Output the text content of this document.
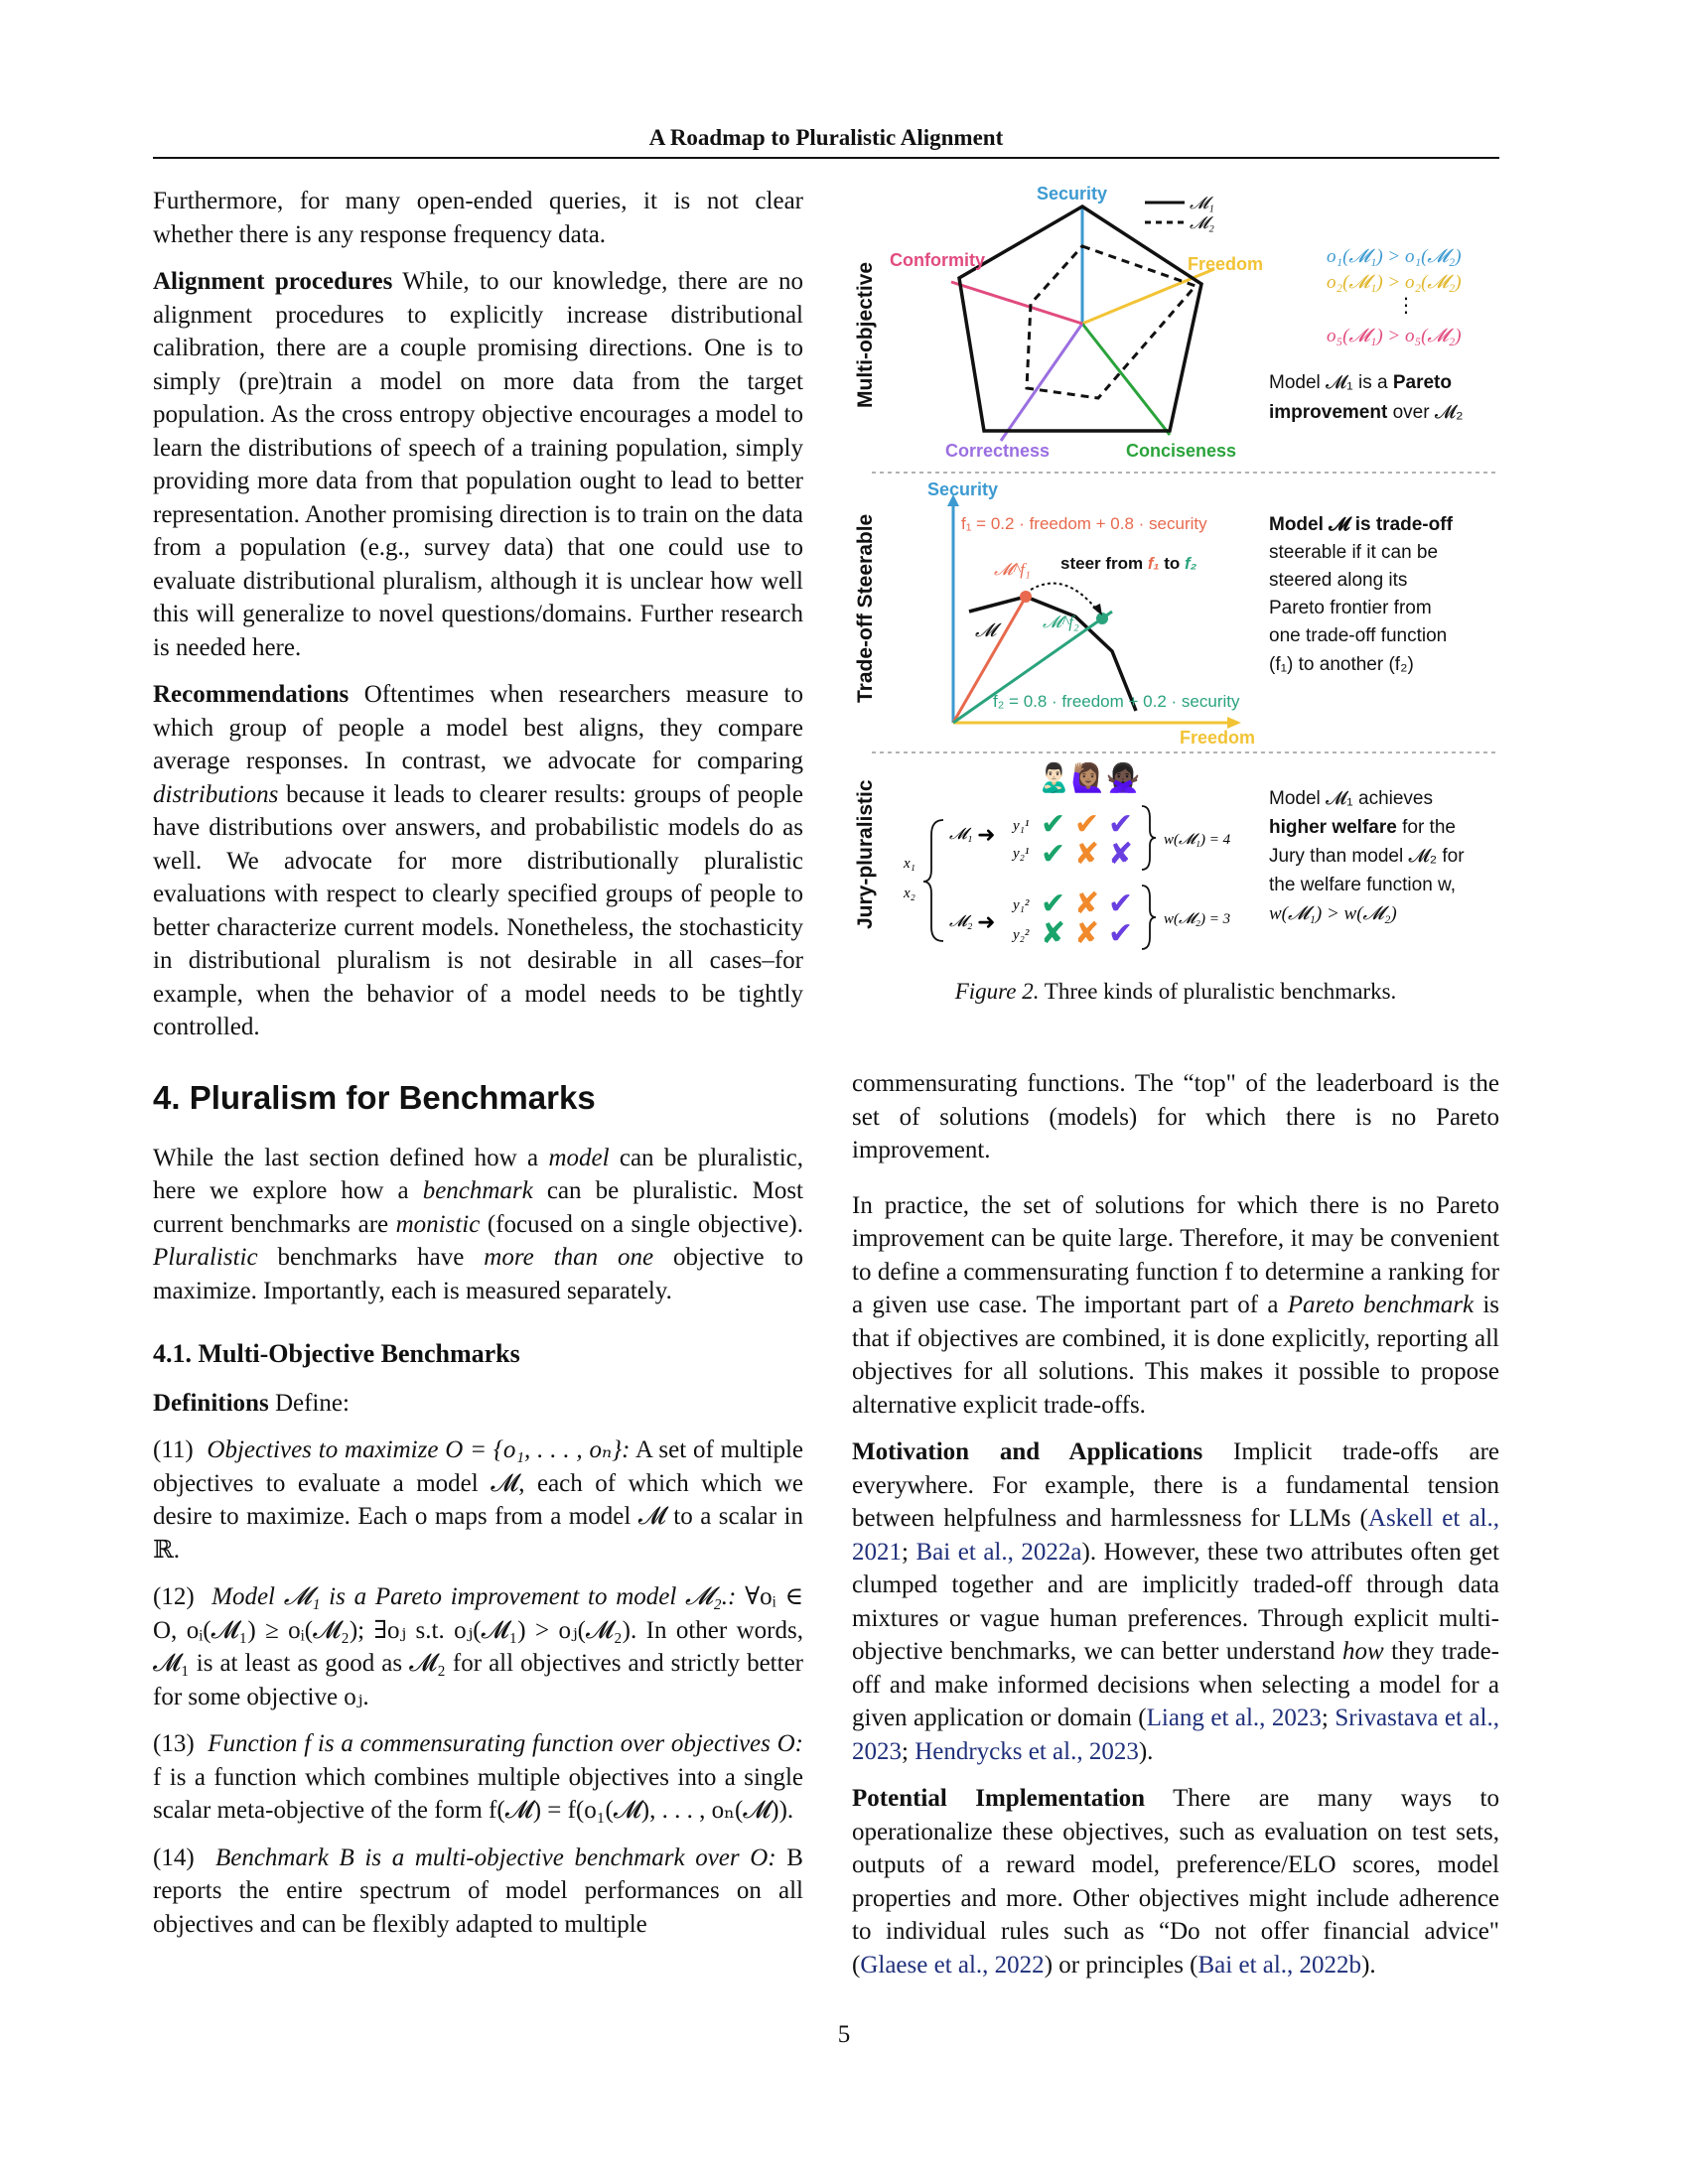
A Roadmap to Pluralistic Alignment

Furthermore, for many open-ended queries, it is not clear whether there is any response frequency data.

Alignment procedures While, to our knowledge, there are no alignment procedures to explicitly increase distributional calibration, there are a couple promising directions. One is to simply (pre)train a model on more data from the target population. As the cross entropy objective encourages a model to learn the distributions of speech of a training population, simply providing more data from that population ought to lead to better representation. Another promising direction is to train on the data from a population (e.g., survey data) that one could use to evaluate distributional pluralism, although it is unclear how well this will generalize to novel questions/domains. Further research is needed here.

Recommendations Oftentimes when researchers measure to which group of people a model best aligns, they compare average responses. In contrast, we advocate for comparing distributions because it leads to clearer results: groups of people have distributions over answers, and probabilistic models do as well. We advocate for more distributionally pluralistic evaluations with respect to clearly specified groups of people to better characterize current models. Nonetheless, the stochasticity in distributional pluralism is not desirable in all cases–for example, when the behavior of a model needs to be tightly controlled.

4. Pluralism for Benchmarks

While the last section defined how a model can be pluralistic, here we explore how a benchmark can be pluralistic. Most current benchmarks are monistic (focused on a single objective). Pluralistic benchmarks have more than one objective to maximize. Importantly, each is measured separately.

4.1. Multi-Objective Benchmarks

Definitions Define:

(11) Objectives to maximize O = {o₁, . . . , oₙ}: A set of multiple objectives to evaluate a model 𝓜, each of which which we desire to maximize. Each o maps from a model 𝓜 to a scalar in ℝ.

(12) Model 𝓜₁ is a Pareto improvement to model 𝓜₂.: ∀oᵢ ∈ O, oᵢ(𝓜₁) ≥ oᵢ(𝓜₂); ∃oⱼ s.t. oⱼ(𝓜₁) > oⱼ(𝓜₂). In other words, 𝓜₁ is at least as good as 𝓜₂ for all objectives and strictly better for some objective oⱼ.

(13) Function f is a commensurating function over objectives O: f is a function which combines multiple objectives into a single scalar meta-objective of the form f(𝓜) = f(o₁(𝓜), . . . , oₙ(𝓜)).

(14) Benchmark B is a multi-objective benchmark over O: B reports the entire spectrum of model performances on all objectives and can be flexibly adapted to multiple

Multi-objective
Security
Freedom
Conciseness
Correctness
Conformity
𝓜₁
𝓜₂
o₁(𝓜₁) > o₁(𝓜₂)
o₂(𝓜₁) > o₂(𝓜₂)
⋮
o₅(𝓜₁) > o₅(𝓜₂)
Model 𝓜₁ is a Pareto improvement over 𝓜₂
Trade-off Steerable
Security
Freedom
f₁ = 0.2 · freedom + 0.8 · security
f₂ = 0.8 · freedom + 0.2 · security
steer from f₁ to f₂
𝓜
𝓜^f₁
𝓜^f₂
Model 𝓜 is trade-off steerable if it can be steered along its Pareto frontier from one trade-off function (f₁) to another (f₂)
Jury-pluralistic
🙎🏻‍♂️🙋🏽‍♀️🙅🏿‍♀️
x₁
x₂
𝓜₁ ➜
𝓜₂ ➜
y₁¹
y₂¹
y₁²
y₂²
✔ ✔ ✔
✔ ✘ ✘
✔ ✘ ✔
✘ ✘ ✔
w(𝓜₁) = 4
w(𝓜₂) = 3
Model 𝓜₁ achieves higher welfare for the Jury than model 𝓜₂ for the welfare function w, w(𝓜₁) > w(𝓜₂)
Figure 2. Three kinds of pluralistic benchmarks.

commensurating functions. The “top" of the leaderboard is the set of solutions (models) for which there is no Pareto improvement.

In practice, the set of solutions for which there is no Pareto improvement can be quite large. Therefore, it may be convenient to define a commensurating function f to determine a ranking for a given use case. The important part of a Pareto benchmark is that if objectives are combined, it is done explicitly, reporting all objectives for all solutions. This makes it possible to propose alternative explicit trade-offs.

Motivation and Applications Implicit trade-offs are everywhere. For example, there is a fundamental tension between helpfulness and harmlessness for LLMs (Askell et al., 2021; Bai et al., 2022a). However, these two attributes often get clumped together and are implicitly traded-off through data mixtures or vague human preferences. Through explicit multi-objective benchmarks, we can better understand how they trade-off and make informed decisions when selecting a model for a given application or domain (Liang et al., 2023; Srivastava et al., 2023; Hendrycks et al., 2023).

Potential Implementation There are many ways to operationalize these objectives, such as evaluation on test sets, outputs of a reward model, preference/ELO scores, model properties and more. Other objectives might include adherence to individual rules such as “Do not offer financial advice" (Glaese et al., 2022) or principles (Bai et al., 2022b).

5
